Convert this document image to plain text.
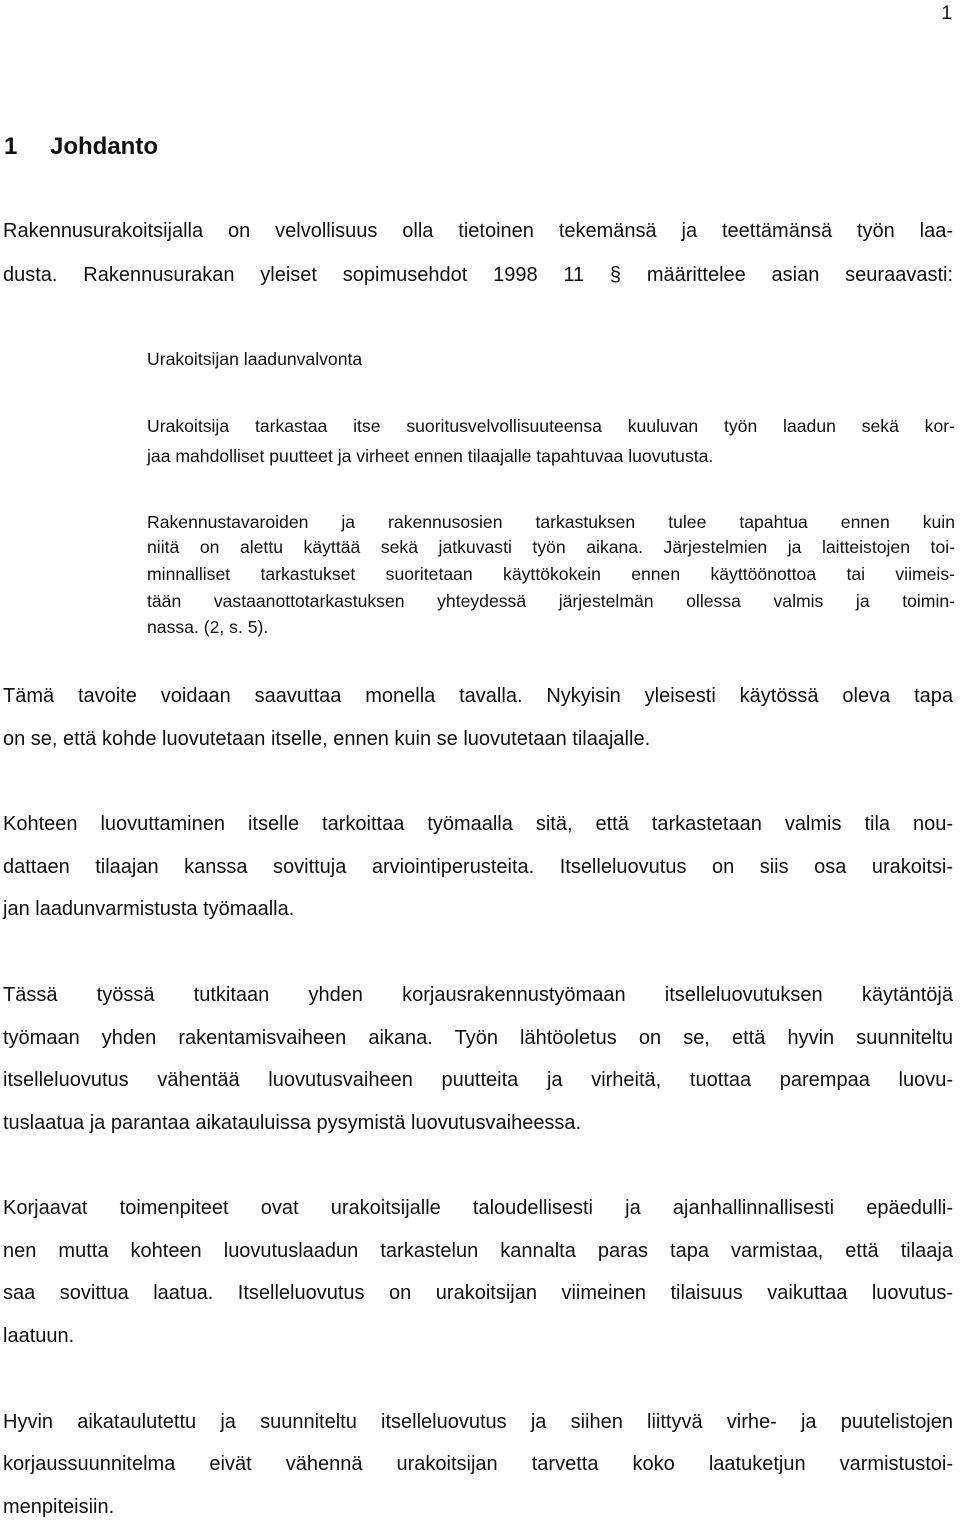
1
1 Johdanto
Rakennusurakoitsijalla on velvollisuus olla tietoinen tekemänsä ja teettämänsä työn laa-
dusta. Rakennusurakan yleiset sopimusehdot 1998 11 § määrittelee asian seuraavasti:
Urakoitsijan laadunvalvonta
Urakoitsija tarkastaa itse suoritusvelvollisuuteensa kuuluvan työn laadun sekä kor-
jaa mahdolliset puutteet ja virheet ennen tilaajalle tapahtuvaa luovutusta.
Rakennustavaroiden ja rakennusosien tarkastuksen tulee tapahtua ennen kuin
niitä on alettu käyttää sekä jatkuvasti työn aikana. Järjestelmien ja laitteistojen toi-
minnalliset tarkastukset suoritetaan käyttökokein ennen käyttöönottoa tai viimeis-
tään vastaanottotarkastuksen yhteydessä järjestelmän ollessa valmis ja toimin-
nassa. (2, s. 5).
Tämä tavoite voidaan saavuttaa monella tavalla. Nykyisin yleisesti käytössä oleva tapa
on se, että kohde luovutetaan itselle, ennen kuin se luovutetaan tilaajalle.
Kohteen luovuttaminen itselle tarkoittaa työmaalla sitä, että tarkastetaan valmis tila nou-
dattaen tilaajan kanssa sovittuja arviointiperusteita. Itselleluovutus on siis osa urakoitsi-
jan laadunvarmistusta työmaalla.
Tässä työssä tutkitaan yhden korjausrakennustyömaan itselleluovutuksen käytäntöjä
työmaan yhden rakentamisvaiheen aikana. Työn lähtöoletus on se, että hyvin suunniteltu
itselleluovutus vähentää luovutusvaiheen puutteita ja virheitä, tuottaa parempaa luovu-
tuslaatua ja parantaa aikatauluissa pysymistä luovutusvaiheessa.
Korjaavat toimenpiteet ovat urakoitsijalle taloudellisesti ja ajanhallinnallisesti epäedulli-
nen mutta kohteen luovutuslaadun tarkastelun kannalta paras tapa varmistaa, että tilaaja
saa sovittua laatua. Itselleluovutus on urakoitsijan viimeinen tilaisuus vaikuttaa luovutus-
laatuun.
Hyvin aikataulutettu ja suunniteltu itselleluovutus ja siihen liittyvä virhe- ja puutelistojen
korjaussuunnitelma eivät vähennä urakoitsijan tarvetta koko laatuketjun varmistustoi-
menpiteisiin.
